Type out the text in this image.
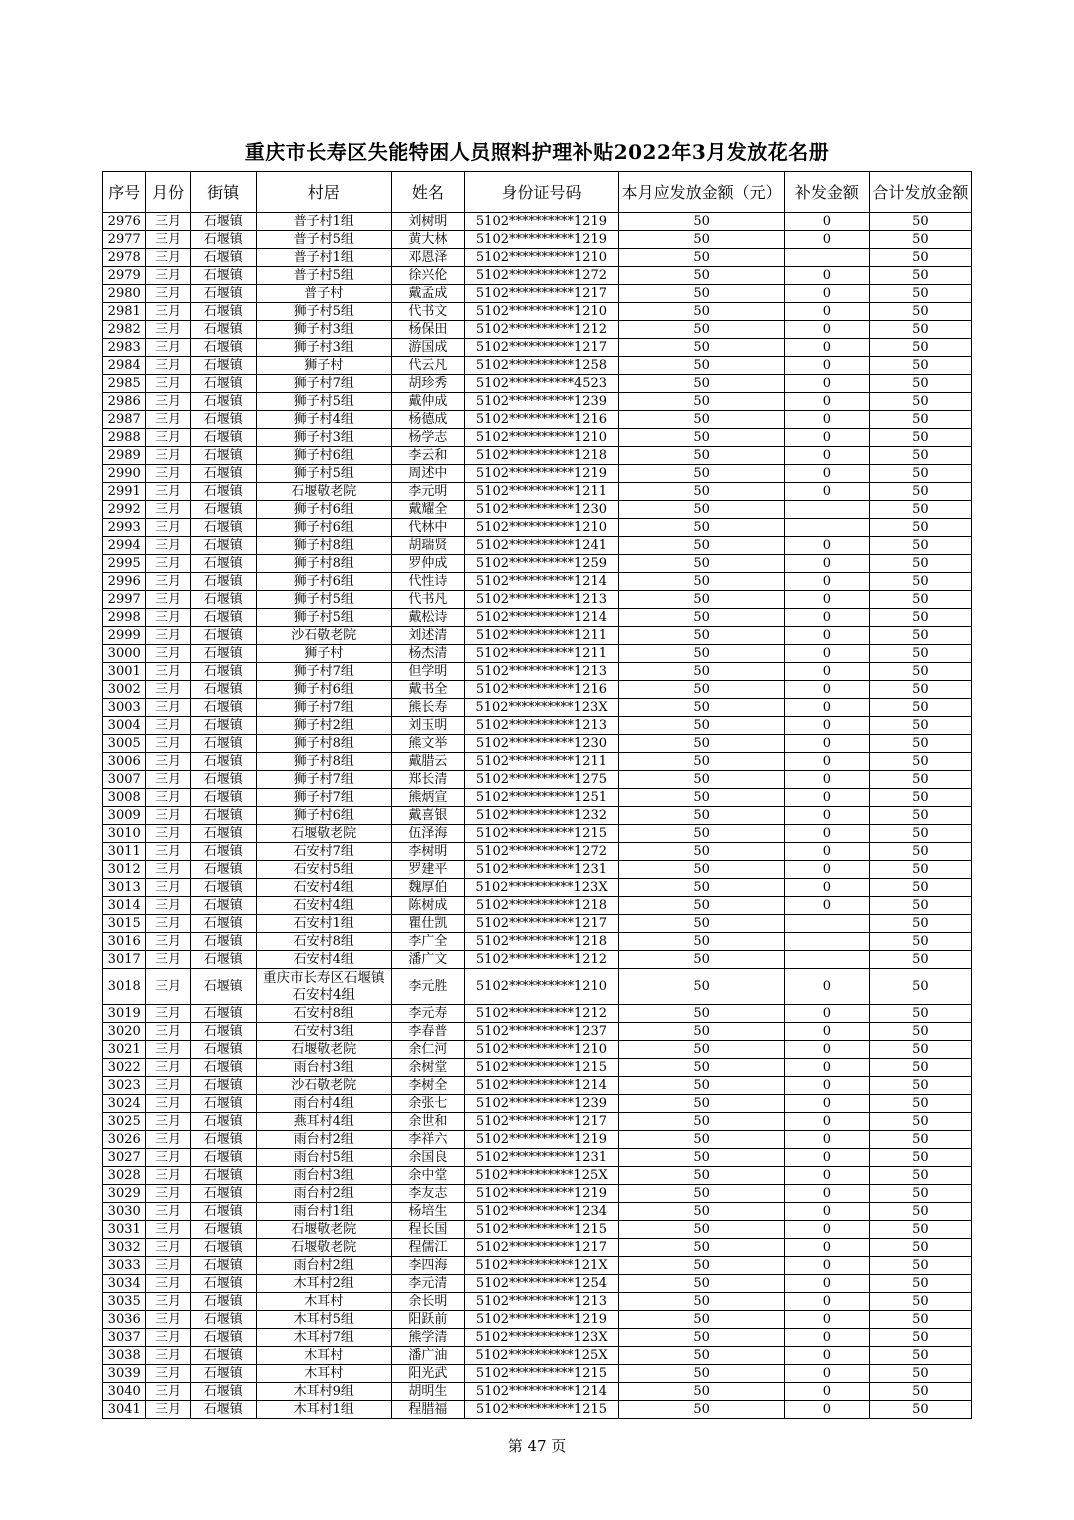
重庆市长寿区失能特困人员照料护理补贴2022年3月发放花名册
序号	月份	街镇	村居	姓名	身份证号码	本月应发放金额（元）	补发金额	合计发放金额
2976	三月	石堰镇	普子村1组	刘树明	5102**********1219	50	0	50
2977	三月	石堰镇	普子村5组	黄大林	5102**********1219	50	0	50
2978	三月	石堰镇	普子村1组	邓恩泽	5102**********1210	50		50
2979	三月	石堰镇	普子村5组	徐兴伦	5102**********1272	50	0	50
2980	三月	石堰镇	普子村	戴孟成	5102**********1217	50	0	50
2981	三月	石堰镇	狮子村5组	代书文	5102**********1210	50	0	50
2982	三月	石堰镇	狮子村3组	杨保田	5102**********1212	50	0	50
2983	三月	石堰镇	狮子村3组	游国成	5102**********1217	50	0	50
2984	三月	石堰镇	狮子村	代云凡	5102**********1258	50	0	50
2985	三月	石堰镇	狮子村7组	胡珍秀	5102**********4523	50	0	50
2986	三月	石堰镇	狮子村5组	戴仲成	5102**********1239	50	0	50
2987	三月	石堰镇	狮子村4组	杨德成	5102**********1216	50	0	50
2988	三月	石堰镇	狮子村3组	杨学志	5102**********1210	50	0	50
2989	三月	石堰镇	狮子村6组	李云和	5102**********1218	50	0	50
2990	三月	石堰镇	狮子村5组	周述中	5102**********1219	50	0	50
2991	三月	石堰镇	石堰敬老院	李元明	5102**********1211	50	0	50
2992	三月	石堰镇	狮子村6组	戴耀全	5102**********1230	50		50
2993	三月	石堰镇	狮子村6组	代林中	5102**********1210	50		50
2994	三月	石堰镇	狮子村8组	胡瑞贤	5102**********1241	50	0	50
2995	三月	石堰镇	狮子村8组	罗仲成	5102**********1259	50	0	50
2996	三月	石堰镇	狮子村6组	代性诗	5102**********1214	50	0	50
2997	三月	石堰镇	狮子村5组	代书凡	5102**********1213	50	0	50
2998	三月	石堰镇	狮子村5组	戴松诗	5102**********1214	50	0	50
2999	三月	石堰镇	沙石敬老院	刘述清	5102**********1211	50	0	50
3000	三月	石堰镇	狮子村	杨杰清	5102**********1211	50	0	50
3001	三月	石堰镇	狮子村7组	但学明	5102**********1213	50	0	50
3002	三月	石堰镇	狮子村6组	戴书全	5102**********1216	50	0	50
3003	三月	石堰镇	狮子村7组	熊长寿	5102**********123X	50	0	50
3004	三月	石堰镇	狮子村2组	刘玉明	5102**********1213	50	0	50
3005	三月	石堰镇	狮子村8组	熊文举	5102**********1230	50	0	50
3006	三月	石堰镇	狮子村8组	戴腊云	5102**********1211	50	0	50
3007	三月	石堰镇	狮子村7组	郑长清	5102**********1275	50	0	50
3008	三月	石堰镇	狮子村7组	熊炳宣	5102**********1251	50	0	50
3009	三月	石堰镇	狮子村6组	戴喜银	5102**********1232	50	0	50
3010	三月	石堰镇	石堰敬老院	伍泽海	5102**********1215	50	0	50
3011	三月	石堰镇	石安村7组	李树明	5102**********1272	50	0	50
3012	三月	石堰镇	石安村5组	罗建平	5102**********1231	50	0	50
3013	三月	石堰镇	石安村4组	魏厚伯	5102**********123X	50	0	50
3014	三月	石堰镇	石安村4组	陈树成	5102**********1218	50	0	50
3015	三月	石堰镇	石安村1组	瞿仕凯	5102**********1217	50		50
3016	三月	石堰镇	石安村8组	李广全	5102**********1218	50		50
3017	三月	石堰镇	石安村4组	潘广文	5102**********1212	50		50
3018	三月	石堰镇	重庆市长寿区石堰镇石安村4组	李元胜	5102**********1210	50	0	50
3019	三月	石堰镇	石安村8组	李元寿	5102**********1212	50	0	50
3020	三月	石堰镇	石安村3组	李春普	5102**********1237	50	0	50
3021	三月	石堰镇	石堰敬老院	余仁河	5102**********1210	50	0	50
3022	三月	石堰镇	雨台村3组	余树堂	5102**********1215	50	0	50
3023	三月	石堰镇	沙石敬老院	李树全	5102**********1214	50	0	50
3024	三月	石堰镇	雨台村4组	余张七	5102**********1239	50	0	50
3025	三月	石堰镇	燕耳村4组	余世和	5102**********1217	50	0	50
3026	三月	石堰镇	雨台村2组	李祥六	5102**********1219	50	0	50
3027	三月	石堰镇	雨台村5组	余国良	5102**********1231	50	0	50
3028	三月	石堰镇	雨台村3组	余中堂	5102**********125X	50	0	50
3029	三月	石堰镇	雨台村2组	李友志	5102**********1219	50	0	50
3030	三月	石堰镇	雨台村1组	杨培生	5102**********1234	50	0	50
3031	三月	石堰镇	石堰敬老院	程长国	5102**********1215	50	0	50
3032	三月	石堰镇	石堰敬老院	程儒江	5102**********1217	50	0	50
3033	三月	石堰镇	雨台村2组	李四海	5102**********121X	50	0	50
3034	三月	石堰镇	木耳村2组	李元清	5102**********1254	50	0	50
3035	三月	石堰镇	木耳村	余长明	5102**********1213	50	0	50
3036	三月	石堰镇	木耳村5组	阳跃前	5102**********1219	50	0	50
3037	三月	石堰镇	木耳村7组	熊学清	5102**********123X	50	0	50
3038	三月	石堰镇	木耳村	潘广油	5102**********125X	50	0	50
3039	三月	石堰镇	木耳村	阳光武	5102**********1215	50	0	50
3040	三月	石堰镇	木耳村9组	胡明生	5102**********1214	50	0	50
3041	三月	石堰镇	木耳村1组	程腊福	5102**********1215	50	0	50
第 47 页
